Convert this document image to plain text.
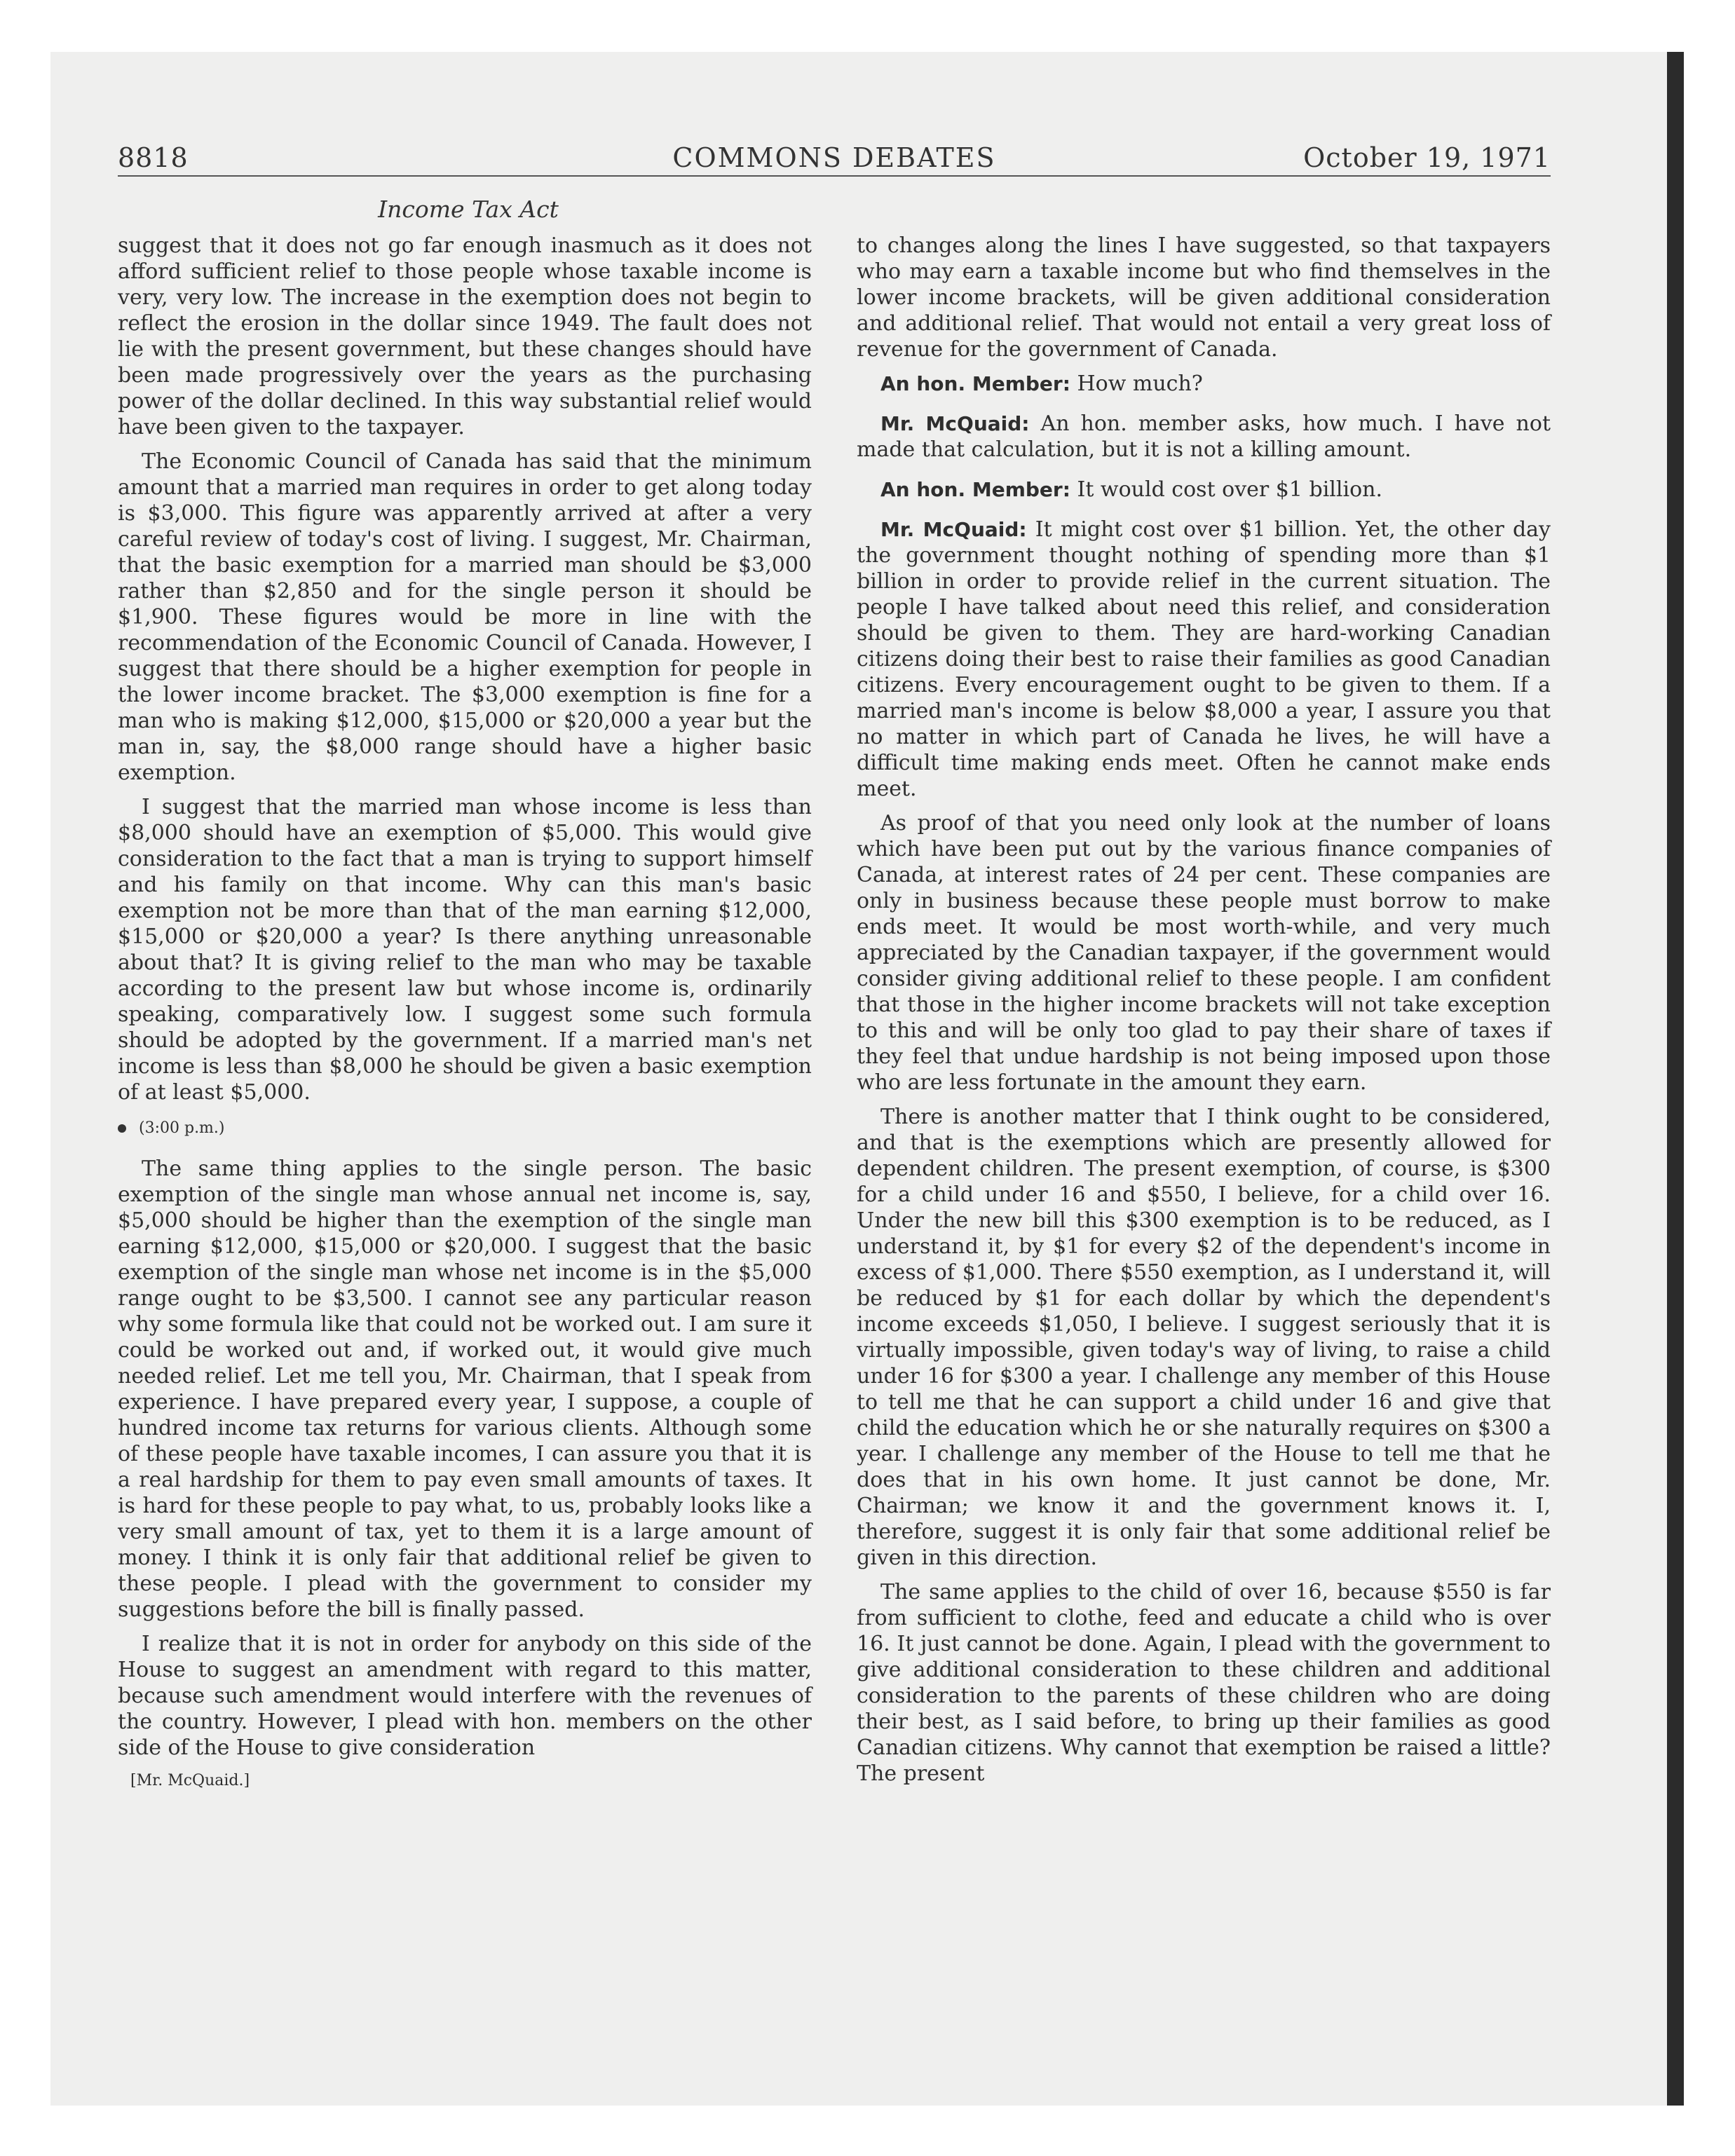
8818	COMMONS DEBATES	October 19, 1971
Income Tax Act

suggest that it does not go far enough inasmuch as it does not afford sufficient relief to those people whose taxable income is very, very low. The increase in the exemption does not begin to reflect the erosion in the dollar since 1949. The fault does not lie with the present government, but these changes should have been made progressively over the years as the purchasing power of the dollar declined. In this way substantial relief would have been given to the taxpayer.

The Economic Council of Canada has said that the minimum amount that a married man requires in order to get along today is $3,000. This figure was apparently arrived at after a very careful review of today's cost of living. I suggest, Mr. Chairman, that the basic exemption for a married man should be $3,000 rather than $2,850 and for the single person it should be $1,900. These figures would be more in line with the recommendation of the Economic Council of Canada. However, I suggest that there should be a higher exemption for people in the lower income bracket. The $3,000 exemption is fine for a man who is making $12,000, $15,000 or $20,000 a year but the man in, say, the $8,000 range should have a higher basic exemption.

I suggest that the married man whose income is less than $8,000 should have an exemption of $5,000. This would give consideration to the fact that a man is trying to support himself and his family on that income. Why can this man's basic exemption not be more than that of the man earning $12,000, $15,000 or $20,000 a year? Is there anything unreasonable about that? It is giving relief to the man who may be taxable according to the present law but whose income is, ordinarily speaking, comparatively low. I suggest some such formula should be adopted by the government. If a married man's net income is less than $8,000 he should be given a basic exemption of at least $5,000.

(3:00 p.m.)

The same thing applies to the single person. The basic exemption of the single man whose annual net income is, say, $5,000 should be higher than the exemption of the single man earning $12,000, $15,000 or $20,000. I suggest that the basic exemption of the single man whose net income is in the $5,000 range ought to be $3,500. I cannot see any particular reason why some formula like that could not be worked out. I am sure it could be worked out and, if worked out, it would give much needed relief. Let me tell you, Mr. Chairman, that I speak from experience. I have prepared every year, I suppose, a couple of hundred income tax returns for various clients. Although some of these people have taxable incomes, I can assure you that it is a real hardship for them to pay even small amounts of taxes. It is hard for these people to pay what, to us, probably looks like a very small amount of tax, yet to them it is a large amount of money. I think it is only fair that additional relief be given to these people. I plead with the government to consider my suggestions before the bill is finally passed.

I realize that it is not in order for anybody on this side of the House to suggest an amendment with regard to this matter, because such amendment would interfere with the revenues of the country. However, I plead with hon. members on the other side of the House to give consideration

[Mr. McQuaid.]

to changes along the lines I have suggested, so that taxpayers who may earn a taxable income but who find themselves in the lower income brackets, will be given additional consideration and additional relief. That would not entail a very great loss of revenue for the government of Canada.

An hon. Member: How much?

Mr. McQuaid: An hon. member asks, how much. I have not made that calculation, but it is not a killing amount.

An hon. Member: It would cost over $1 billion.

Mr. McQuaid: It might cost over $1 billion. Yet, the other day the government thought nothing of spending more than $1 billion in order to provide relief in the current situation. The people I have talked about need this relief, and consideration should be given to them. They are hard-working Canadian citizens doing their best to raise their families as good Canadian citizens. Every encouragement ought to be given to them. If a married man's income is below $8,000 a year, I assure you that no matter in which part of Canada he lives, he will have a difficult time making ends meet. Often he cannot make ends meet.

As proof of that you need only look at the number of loans which have been put out by the various finance companies of Canada, at interest rates of 24 per cent. These companies are only in business because these people must borrow to make ends meet. It would be most worth-while, and very much appreciated by the Canadian taxpayer, if the government would consider giving additional relief to these people. I am confident that those in the higher income brackets will not take exception to this and will be only too glad to pay their share of taxes if they feel that undue hardship is not being imposed upon those who are less fortunate in the amount they earn.

There is another matter that I think ought to be considered, and that is the exemptions which are presently allowed for dependent children. The present exemption, of course, is $300 for a child under 16 and $550, I believe, for a child over 16. Under the new bill this $300 exemption is to be reduced, as I understand it, by $1 for every $2 of the dependent's income in excess of $1,000. There $550 exemption, as I understand it, will be reduced by $1 for each dollar by which the dependent's income exceeds $1,050, I believe. I suggest seriously that it is virtually impossible, given today's way of living, to raise a child under 16 for $300 a year. I challenge any member of this House to tell me that he can support a child under 16 and give that child the education which he or she naturally requires on $300 a year. I challenge any member of the House to tell me that he does that in his own home. It just cannot be done, Mr. Chairman; we know it and the government knows it. I, therefore, suggest it is only fair that some additional relief be given in this direction.

The same applies to the child of over 16, because $550 is far from sufficient to clothe, feed and educate a child who is over 16. It just cannot be done. Again, I plead with the government to give additional consideration to these children and additional consideration to the parents of these children who are doing their best, as I said before, to bring up their families as good Canadian citizens. Why cannot that exemption be raised a little? The present
